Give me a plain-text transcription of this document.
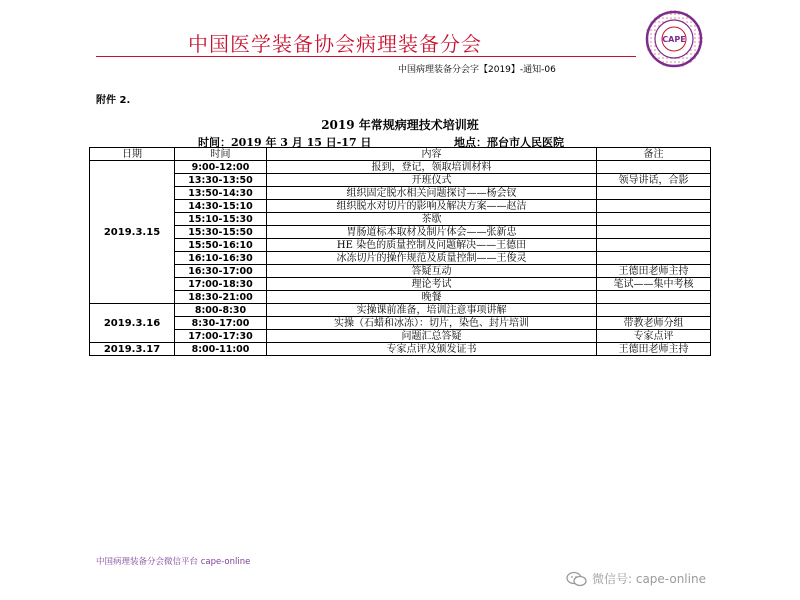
中国医学装备协会病理装备分会	CAPE
中国病理装备分会字【2019】-通知-06
附件 2.
2019 年常规病理技术培训班
时间：2019 年 3 月 15 日-17 日	地点：邢台市人民医院
日期	时间	内容	备注
2019.3.15	9:00-12:00	报到，登记，领取培训材料	
	13:30-13:50	开班仪式	领导讲话，合影
	13:50-14:30	组织固定脱水相关问题探讨——杨会钗	
	14:30-15:10	组织脱水对切片的影响及解决方案——赵洁	
	15:10-15:30	茶歇	
	15:30-15:50	胃肠道标本取材及制片体会——张新忠	
	15:50-16:10	HE 染色的质量控制及问题解决——王德田	
	16:10-16:30	冰冻切片的操作规范及质量控制——王俊灵	
	16:30-17:00	答疑互动	王德田老师主持
	17:00-18:30	理论考试	笔试——集中考核
	18:30-21:00	晚餐	
2019.3.16	8:00-8:30	实操课前准备，培训注意事项讲解	
	8:30-17:00	实操（石蜡和冰冻）：切片，染色、封片培训	带教老师分组
	17:00-17:30	问题汇总答疑	专家点评
2019.3.17	8:00-11:00	专家点评及颁发证书	王德田老师主持
中国病理装备分会微信平台 cape-online
微信号: cape-online
